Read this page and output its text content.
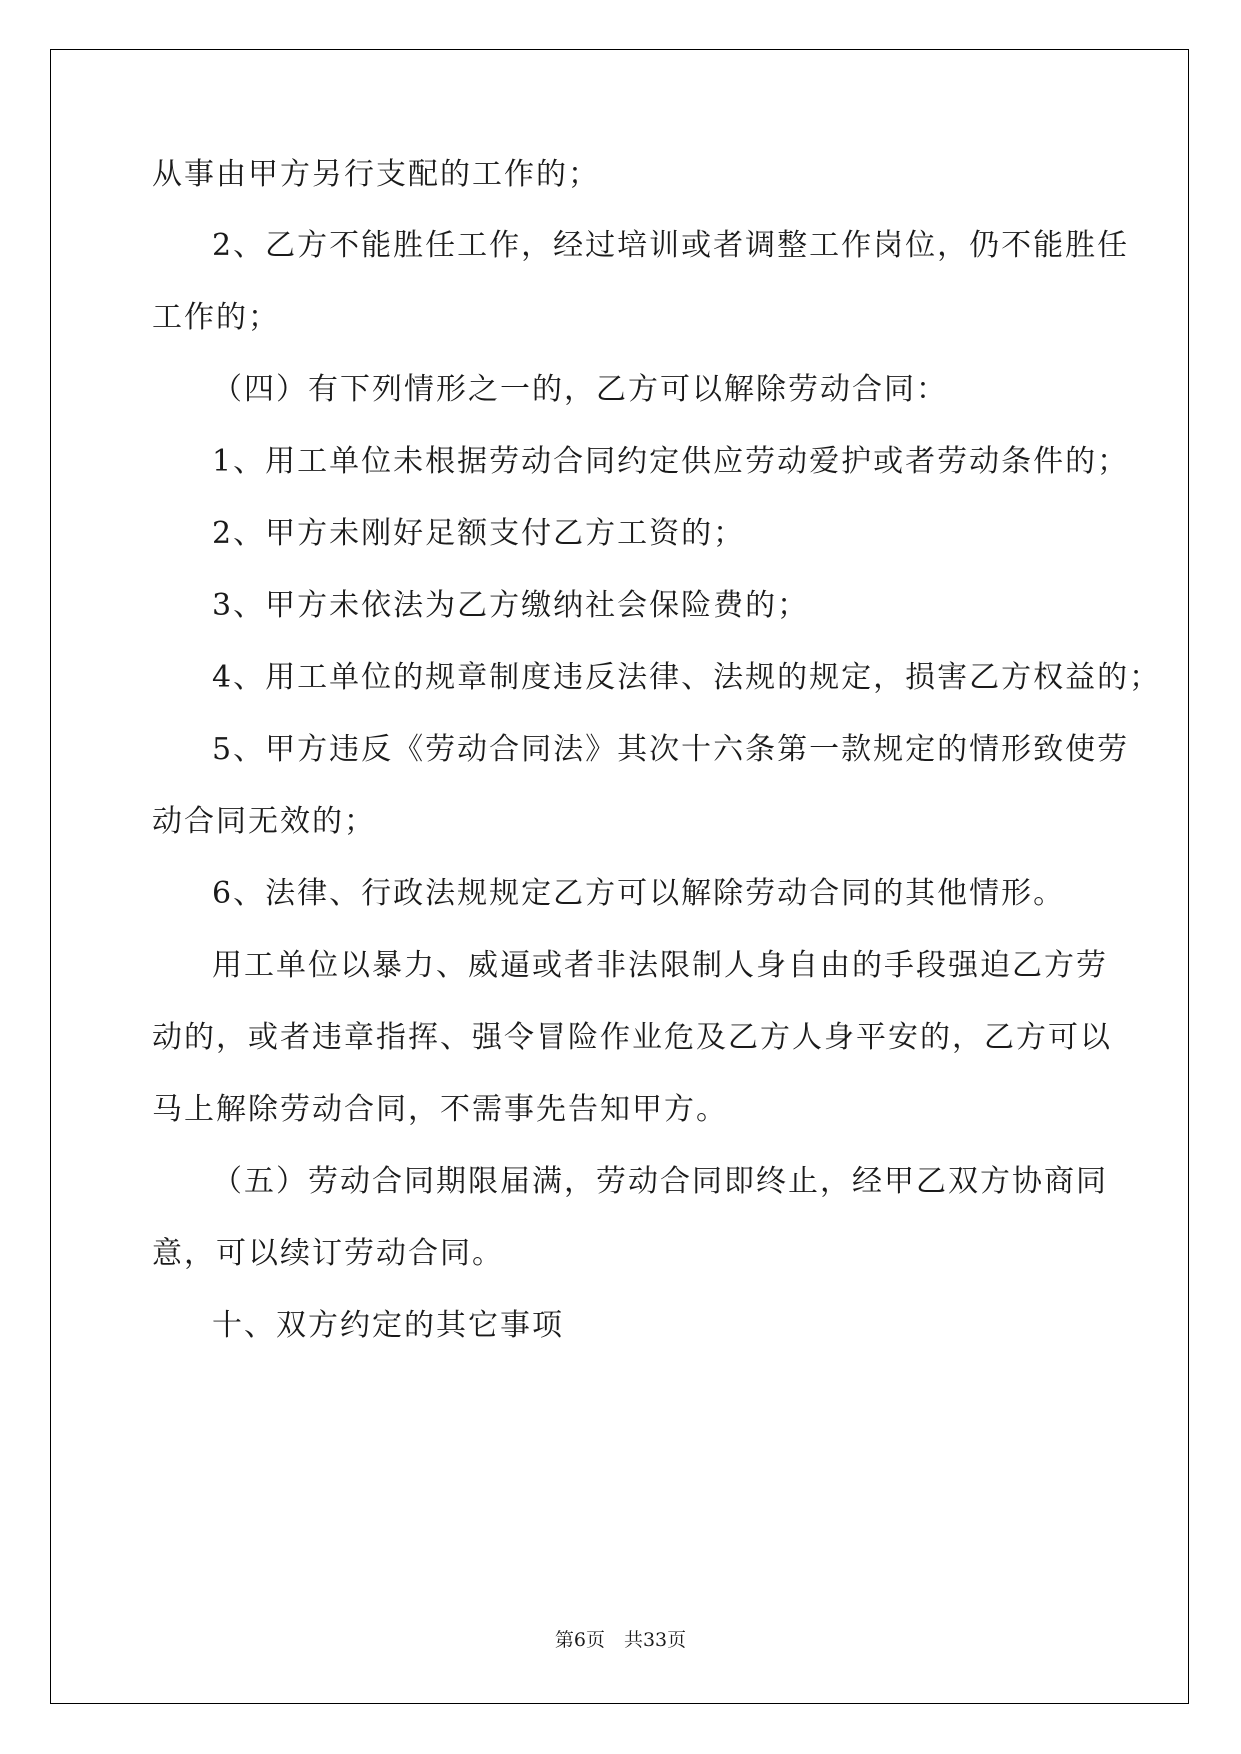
从事由甲方另行支配的工作的；
2、乙方不能胜任工作，经过培训或者调整工作岗位，仍不能胜任
工作的；
（四）有下列情形之一的，乙方可以解除劳动合同：
1、用工单位未根据劳动合同约定供应劳动爱护或者劳动条件的；
2、甲方未刚好足额支付乙方工资的；
3、甲方未依法为乙方缴纳社会保险费的；
4、用工单位的规章制度违反法律、法规的规定，损害乙方权益的；
5、甲方违反《劳动合同法》其次十六条第一款规定的情形致使劳
动合同无效的；
6、法律、行政法规规定乙方可以解除劳动合同的其他情形。
用工单位以暴力、威逼或者非法限制人身自由的手段强迫乙方劳
动的，或者违章指挥、强令冒险作业危及乙方人身平安的，乙方可以
马上解除劳动合同，不需事先告知甲方。
（五）劳动合同期限届满，劳动合同即终止，经甲乙双方协商同
意，可以续订劳动合同。
十、双方约定的其它事项
第6页　共33页
